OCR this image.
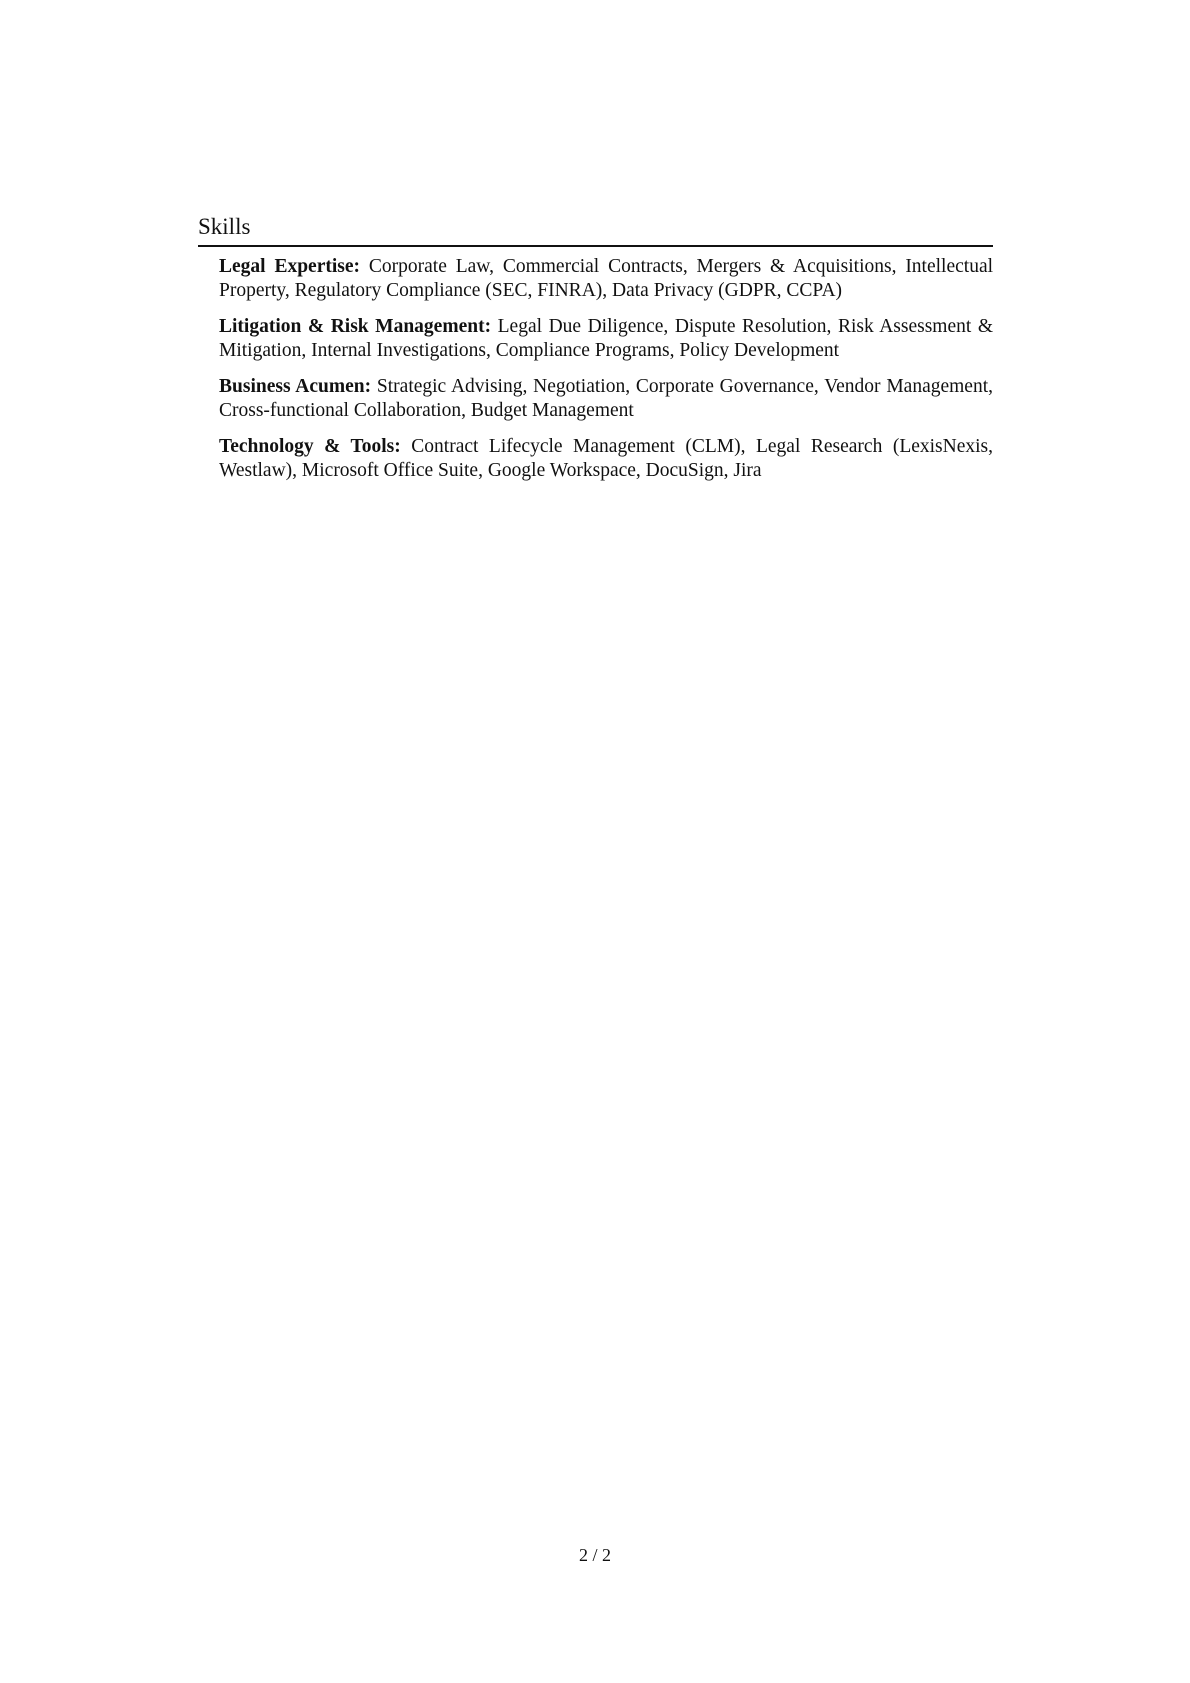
Skills
Legal Expertise: Corporate Law, Commercial Contracts, Mergers & Acquisitions, Intellectual Property, Regulatory Compliance (SEC, FINRA), Data Privacy (GDPR, CCPA)
Litigation & Risk Management: Legal Due Diligence, Dispute Resolution, Risk Assessment & Mitigation, Internal Investigations, Compliance Programs, Policy Development
Business Acumen: Strategic Advising, Negotiation, Corporate Governance, Vendor Management, Cross-functional Collaboration, Budget Management
Technology & Tools: Contract Lifecycle Management (CLM), Legal Research (LexisNexis, Westlaw), Microsoft Office Suite, Google Workspace, DocuSign, Jira
2 / 2
